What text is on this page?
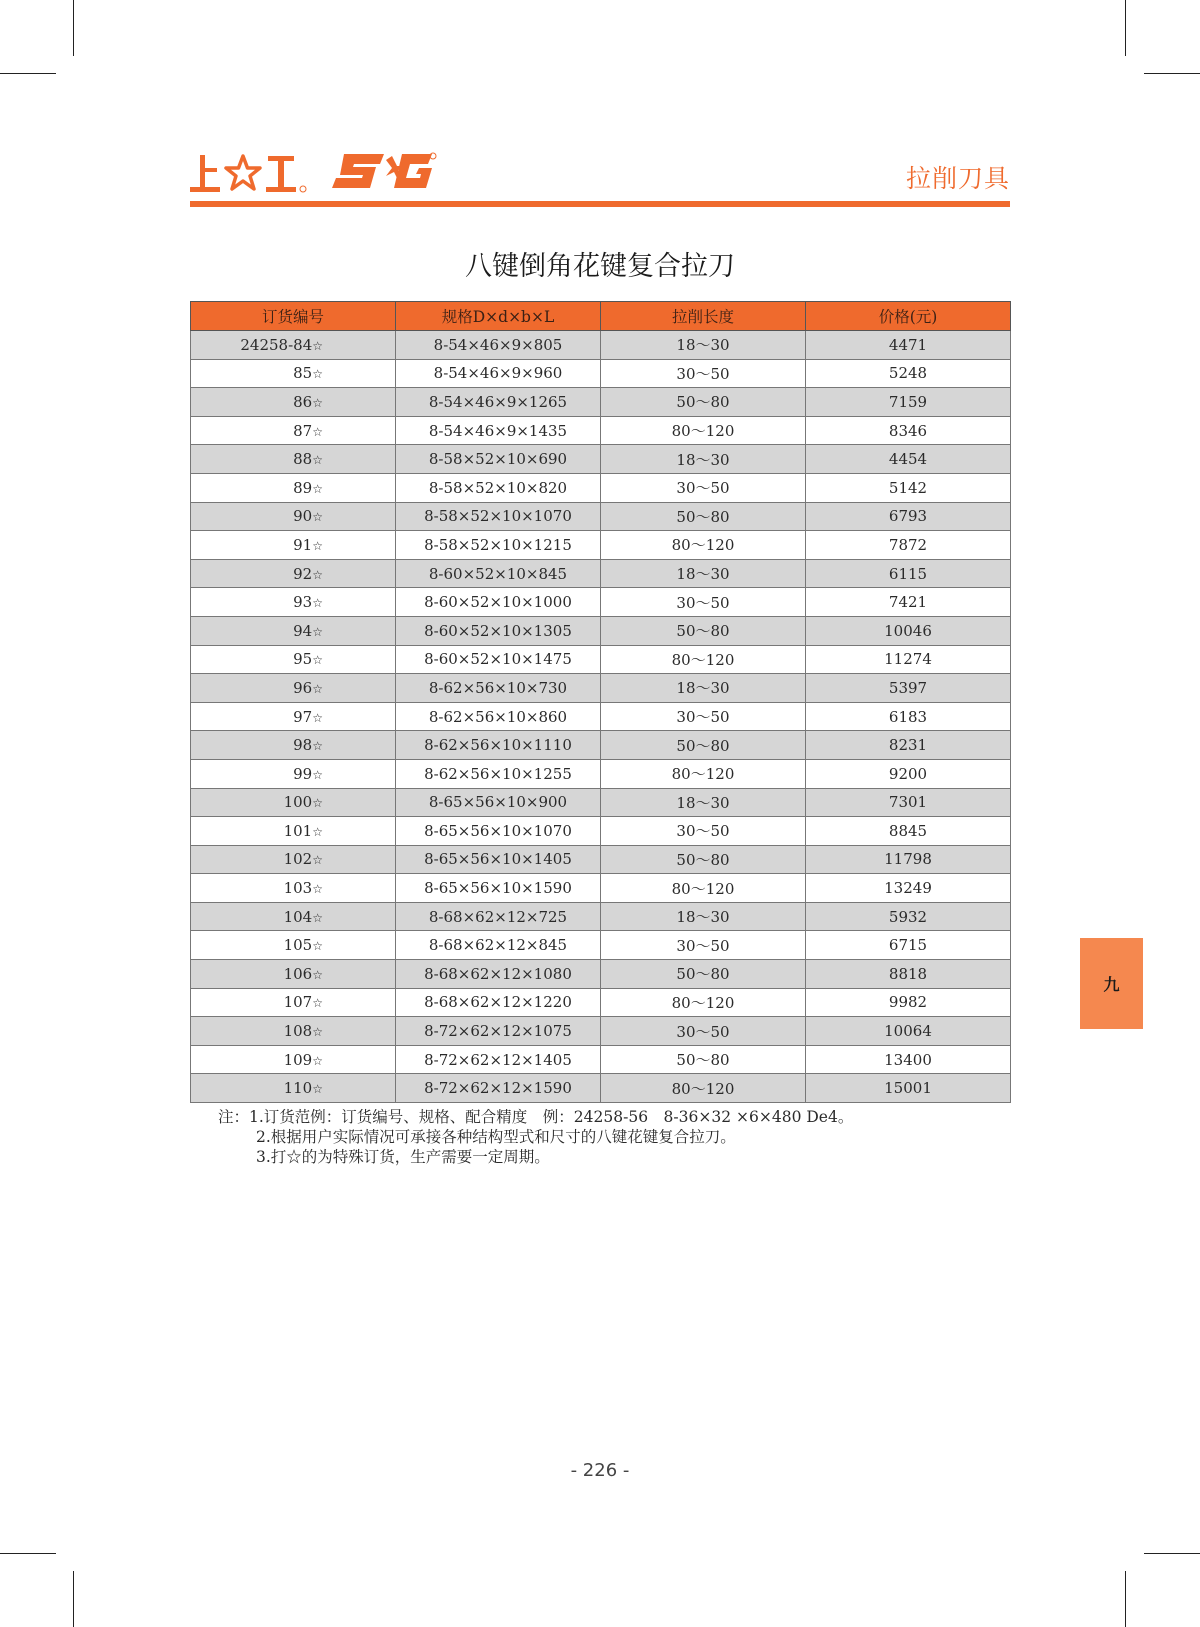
拉削刀具
八键倒角花键复合拉刀
订货编号	规格D×d×b×L	拉削长度	价格(元)
24258-84☆	8-54×46×9×805	18～30	4471
85☆	8-54×46×9×960	30～50	5248
86☆	8-54×46×9×1265	50～80	7159
87☆	8-54×46×9×1435	80～120	8346
88☆	8-58×52×10×690	18～30	4454
89☆	8-58×52×10×820	30～50	5142
90☆	8-58×52×10×1070	50～80	6793
91☆	8-58×52×10×1215	80～120	7872
92☆	8-60×52×10×845	18～30	6115
93☆	8-60×52×10×1000	30～50	7421
94☆	8-60×52×10×1305	50～80	10046
95☆	8-60×52×10×1475	80～120	11274
96☆	8-62×56×10×730	18～30	5397
97☆	8-62×56×10×860	30～50	6183
98☆	8-62×56×10×1110	50～80	8231
99☆	8-62×56×10×1255	80～120	9200
100☆	8-65×56×10×900	18～30	7301
101☆	8-65×56×10×1070	30～50	8845
102☆	8-65×56×10×1405	50～80	11798
103☆	8-65×56×10×1590	80～120	13249
104☆	8-68×62×12×725	18～30	5932
105☆	8-68×62×12×845	30～50	6715
106☆	8-68×62×12×1080	50～80	8818
107☆	8-68×62×12×1220	80～120	9982
108☆	8-72×62×12×1075	30～50	10064
109☆	8-72×62×12×1405	50～80	13400
110☆	8-72×62×12×1590	80～120	15001
注：1.订货范例：订货编号、规格、配合精度　例：24258-56　8-36×32 ×6×480 De4。
2.根据用户实际情况可承接各种结构型式和尺寸的八键花键复合拉刀。
3.打☆的为特殊订货，生产需要一定周期。
九
- 226 -
